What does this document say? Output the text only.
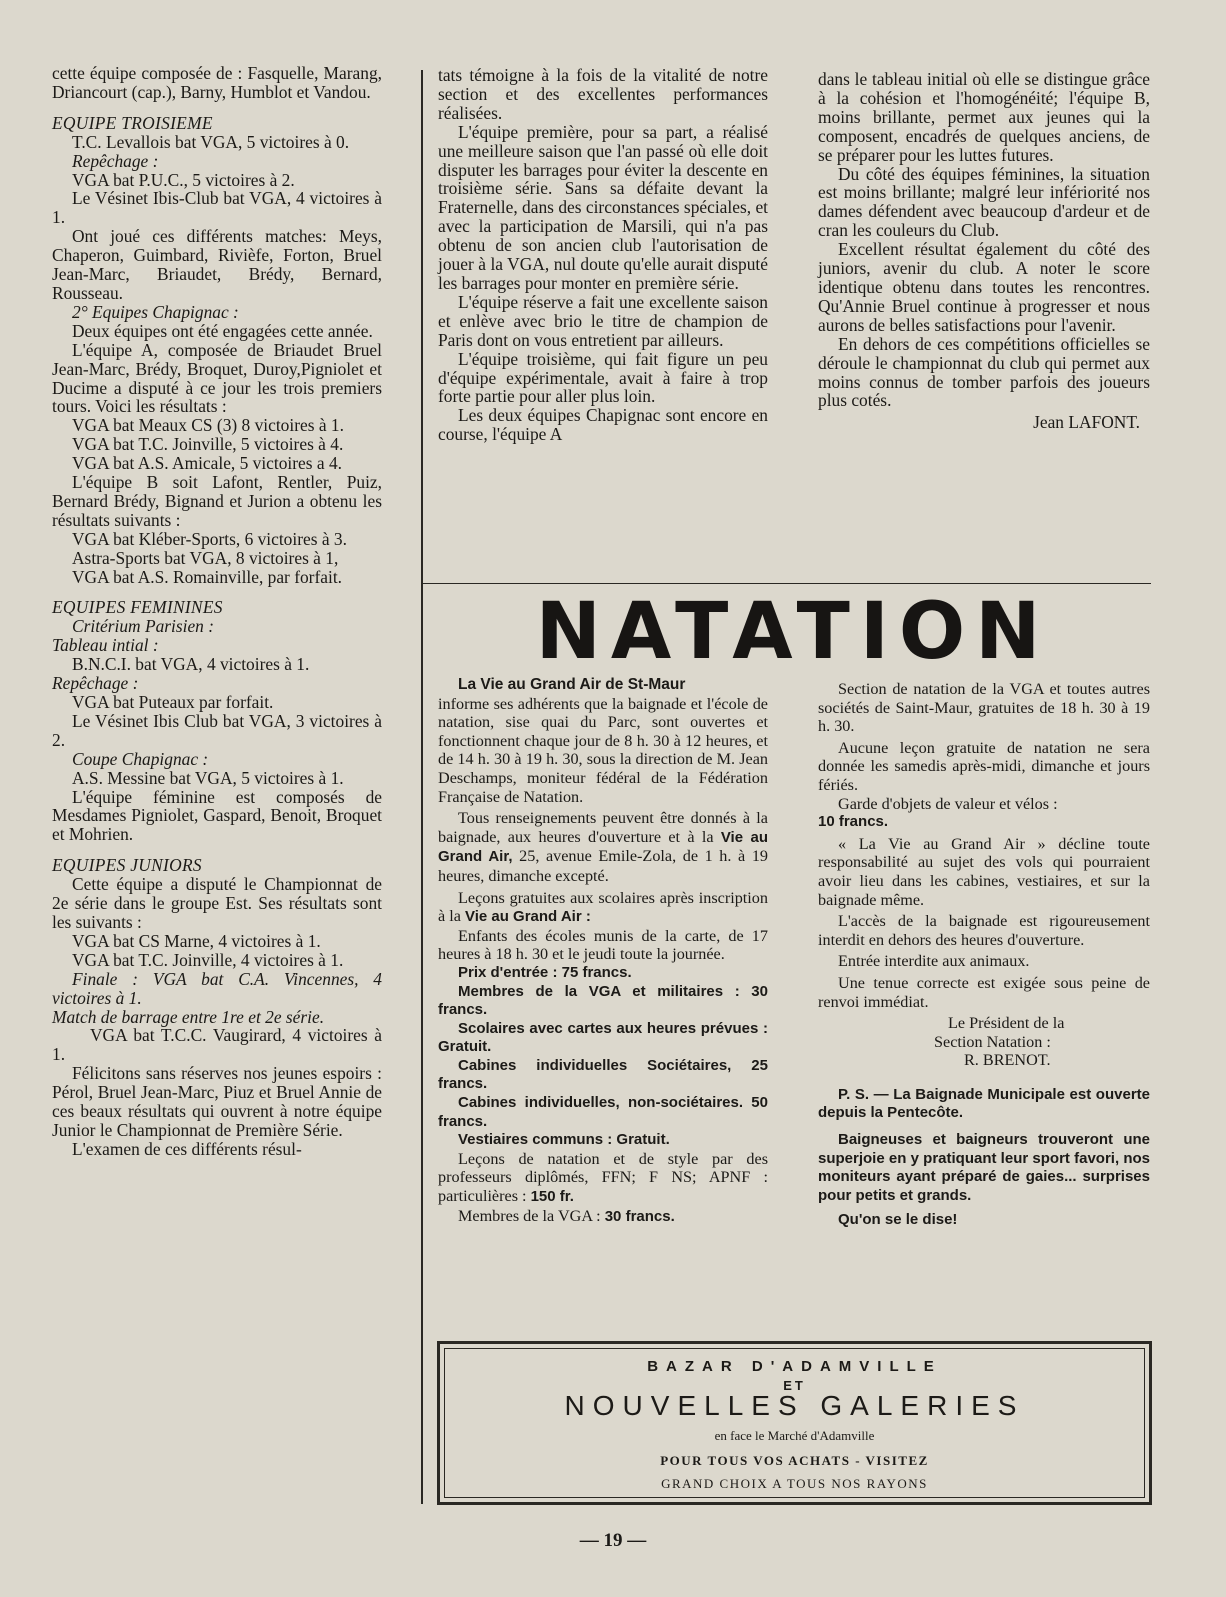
cette équipe composée de : Fasquelle, Marang, Driancourt (cap.), Barny, Humblot et Vandou.

EQUIPE TROISIEME

T.C. Levallois bat VGA, 5 victoires à 0.

Repêchage :

VGA bat P.U.C., 5 victoires à 2.

Le Vésinet Ibis-Club bat VGA, 4 victoires à 1.

Ont joué ces différents matches: Meys, Chaperon, Guimbard, Rivièfe, Forton, Bruel Jean-Marc, Briaudet, Brédy, Bernard, Rousseau.

2° Equipes Chapignac :

Deux équipes ont été engagées cette année.

L'équipe A, composée de Briaudet Bruel Jean-Marc, Brédy, Broquet, Duroy,Pigniolet et Ducime a disputé à ce jour les trois premiers tours. Voici les résultats :

VGA bat Meaux CS (3) 8 victoires à 1.

VGA bat T.C. Joinville, 5 victoires à 4.

VGA bat A.S. Amicale, 5 victoires a 4.

L'équipe B soit Lafont, Rentler, Puiz, Bernard Brédy, Bignand et Jurion a obtenu les résultats suivants :

VGA bat Kléber-Sports, 6 victoires à 3.

Astra-Sports bat VGA, 8 victoires à 1,

VGA bat A.S. Romainville, par forfait.

EQUIPES FEMININES

Critérium Parisien :

Tableau intial :

B.N.C.I. bat VGA, 4 victoires à 1.

Repêchage :

VGA bat Puteaux par forfait.

Le Vésinet Ibis Club bat VGA, 3 victoires à 2.

Coupe Chapignac :

A.S. Messine bat VGA, 5 victoires à 1.

L'équipe féminine est composés de Mesdames Pigniolet, Gaspard, Benoit, Broquet et Mohrien.

EQUIPES JUNIORS

Cette équipe a disputé le Championnat de 2e série dans le groupe Est. Ses résultats sont les suivants :

VGA bat CS Marne, 4 victoires à 1.

VGA bat T.C. Joinville, 4 victoires à 1.

Finale : VGA bat C.A. Vincennes, 4 victoires à 1.

Match de barrage entre 1re et 2e série.

VGA bat T.C.C. Vaugirard, 4 victoires à 1.

Félicitons sans réserves nos jeunes espoirs : Pérol, Bruel Jean-Marc, Piuz et Bruel Annie de ces beaux résultats qui ouvrent à notre équipe Junior le Championnat de Première Série.

L'examen de ces différents résul-

tats témoigne à la fois de la vitalité de notre section et des excellentes performances réalisées.

L'équipe première, pour sa part, a réalisé une meilleure saison que l'an passé où elle doit disputer les barrages pour éviter la descente en troisième série. Sans sa défaite devant la Fraternelle, dans des circonstances spéciales, et avec la participation de Marsili, qui n'a pas obtenu de son ancien club l'autorisation de jouer à la VGA, nul doute qu'elle aurait disputé les barrages pour monter en première série.

L'équipe réserve a fait une excellente saison et enlève avec brio le titre de champion de Paris dont on vous entretient par ailleurs.

L'équipe troisième, qui fait figure un peu d'équipe expérimentale, avait à faire à trop forte partie pour aller plus loin.

Les deux équipes Chapignac sont encore en course, l'équipe A

dans le tableau initial où elle se distingue grâce à la cohésion et l'homogénéité; l'équipe B, moins brillante, permet aux jeunes qui la composent, encadrés de quelques anciens, de se préparer pour les luttes futures.

Du côté des équipes féminines, la situation est moins brillante; malgré leur infériorité nos dames défendent avec beaucoup d'ardeur et de cran les couleurs du Club.

Excellent résultat également du côté des juniors, avenir du club. A noter le score identique obtenu dans toutes les rencontres. Qu'Annie Bruel continue à progresser et nous aurons de belles satisfactions pour l'avenir.

En dehors de ces compétitions officielles se déroule le championnat du club qui permet aux moins connus de tomber parfois des joueurs plus cotés.

Jean LAFONT.

NATATION

La Vie au Grand Air de St-Maur

informe ses adhérents que la baignade et l'école de natation, sise quai du Parc, sont ouvertes et fonctionnent chaque jour de 8 h. 30 à 12 heures, et de 14 h. 30 à 19 h. 30, sous la direction de M. Jean Deschamps, moniteur fédéral de la Fédération Française de Natation.

Tous renseignements peuvent être donnés à la baignade, aux heures d'ouverture et à la Vie au Grand Air, 25, avenue Emile-Zola, de 1 h. à 19 heures, dimanche excepté.

Leçons gratuites aux scolaires après inscription à la Vie au Grand Air :

Enfants des écoles munis de la carte, de 17 heures à 18 h. 30 et le jeudi toute la journée.

Prix d'entrée : 75 francs.

Membres de la VGA et militaires : 30 francs.

Scolaires avec cartes aux heures prévues : Gratuit.

Cabines individuelles Sociétaires, 25 francs.

Cabines individuelles, non-sociétaires. 50 francs.

Vestiaires communs : Gratuit.

Leçons de natation et de style par des professeurs diplômés, FFN; F NS; APNF : particulières : 150 fr.

Membres de la VGA : 30 francs.

Section de natation de la VGA et toutes autres sociétés de Saint-Maur, gratuites de 18 h. 30 à 19 h. 30.

Aucune leçon gratuite de natation ne sera donnée les samedis après-midi, dimanche et jours fériés.

Garde d'objets de valeur et vélos :

10 francs.

« La Vie au Grand Air » décline toute responsabilité au sujet des vols qui pourraient avoir lieu dans les cabines, vestiaires, et sur la baignade même.

L'accès de la baignade est rigoureusement interdit en dehors des heures d'ouverture.

Entrée interdite aux animaux.

Une tenue correcte est exigée sous peine de renvoi immédiat.

Le Président de la

Section Natation :

R. BRENOT.

P. S. — La Baignade Municipale est ouverte depuis la Pentecôte.

Baigneuses et baigneurs trouveront une superjoie en y pratiquant leur sport favori, nos moniteurs ayant préparé de gaies... surprises pour petits et grands.

Qu'on se le dise!

BAZAR D'ADAMVILLE
ET
NOUVELLES GALERIES
en face le Marché d'Adamville
POUR TOUS VOS ACHATS - VISITEZ
GRAND CHOIX A TOUS NOS RAYONS
— 19 —
